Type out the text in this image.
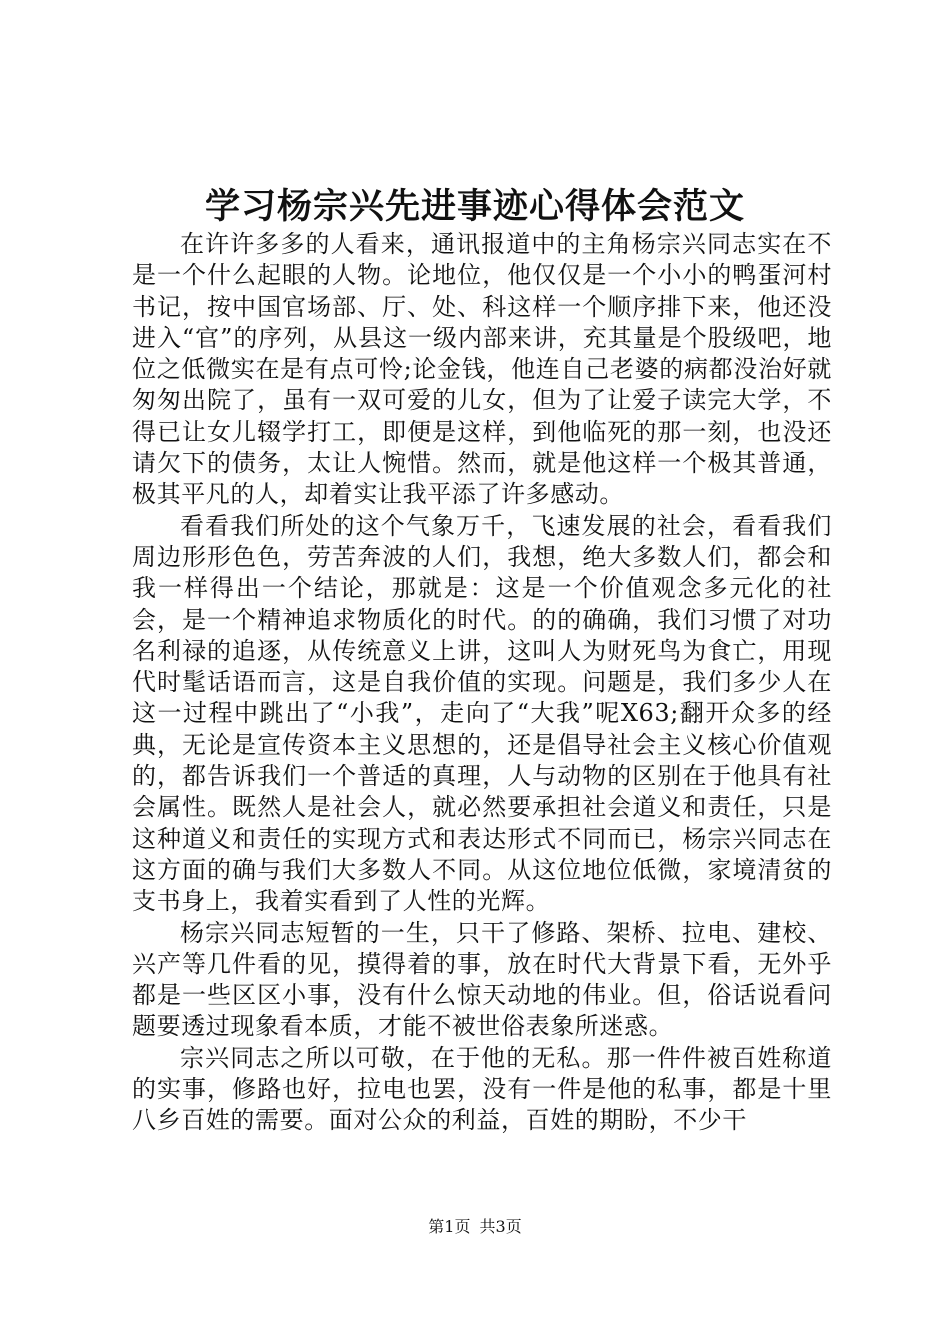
学习杨宗兴先进事迹心得体会范文

在许许多多的人看来，通讯报道中的主角杨宗兴同志实在不是一个什么起眼的人物。论地位，他仅仅是一个小小的鸭蛋河村书记，按中国官场部、厅、处、科这样一个顺序排下来，他还没进入“官”的序列，从县这一级内部来讲，充其量是个股级吧，地位之低微实在是有点可怜;论金钱，他连自己老婆的病都没治好就匆匆出院了，虽有一双可爱的儿女，但为了让爱子读完大学，不得已让女儿辍学打工，即便是这样，到他临死的那一刻，也没还请欠下的债务，太让人惋惜。然而，就是他这样一个极其普通，极其平凡的人，却着实让我平添了许多感动。

看看我们所处的这个气象万千，飞速发展的社会，看看我们周边形形色色，劳苦奔波的人们，我想，绝大多数人们，都会和我一样得出一个结论，那就是：这是一个价值观念多元化的社会，是一个精神追求物质化的时代。的的确确，我们习惯了对功名利禄的追逐，从传统意义上讲，这叫人为财死鸟为食亡，用现代时髦话语而言，这是自我价值的实现。问题是，我们多少人在这一过程中跳出了“小我”，走向了“大我”呢X63;翻开众多的经典，无论是宣传资本主义思想的，还是倡导社会主义核心价值观的，都告诉我们一个普适的真理，人与动物的区别在于他具有社会属性。既然人是社会人，就必然要承担社会道义和责任，只是这种道义和责任的实现方式和表达形式不同而已，杨宗兴同志在这方面的确与我们大多数人不同。从这位地位低微，家境清贫的支书身上，我着实看到了人性的光辉。

杨宗兴同志短暂的一生，只干了修路、架桥、拉电、建校、兴产等几件看的见，摸得着的事，放在时代大背景下看，无外乎都是一些区区小事，没有什么惊天动地的伟业。但，俗话说看问题要透过现象看本质，才能不被世俗表象所迷惑。

宗兴同志之所以可敬，在于他的无私。那一件件被百姓称道的实事，修路也好，拉电也罢，没有一件是他的私事，都是十里八乡百姓的需要。面对公众的利益，百姓的期盼，不少干

第1页 共3页
